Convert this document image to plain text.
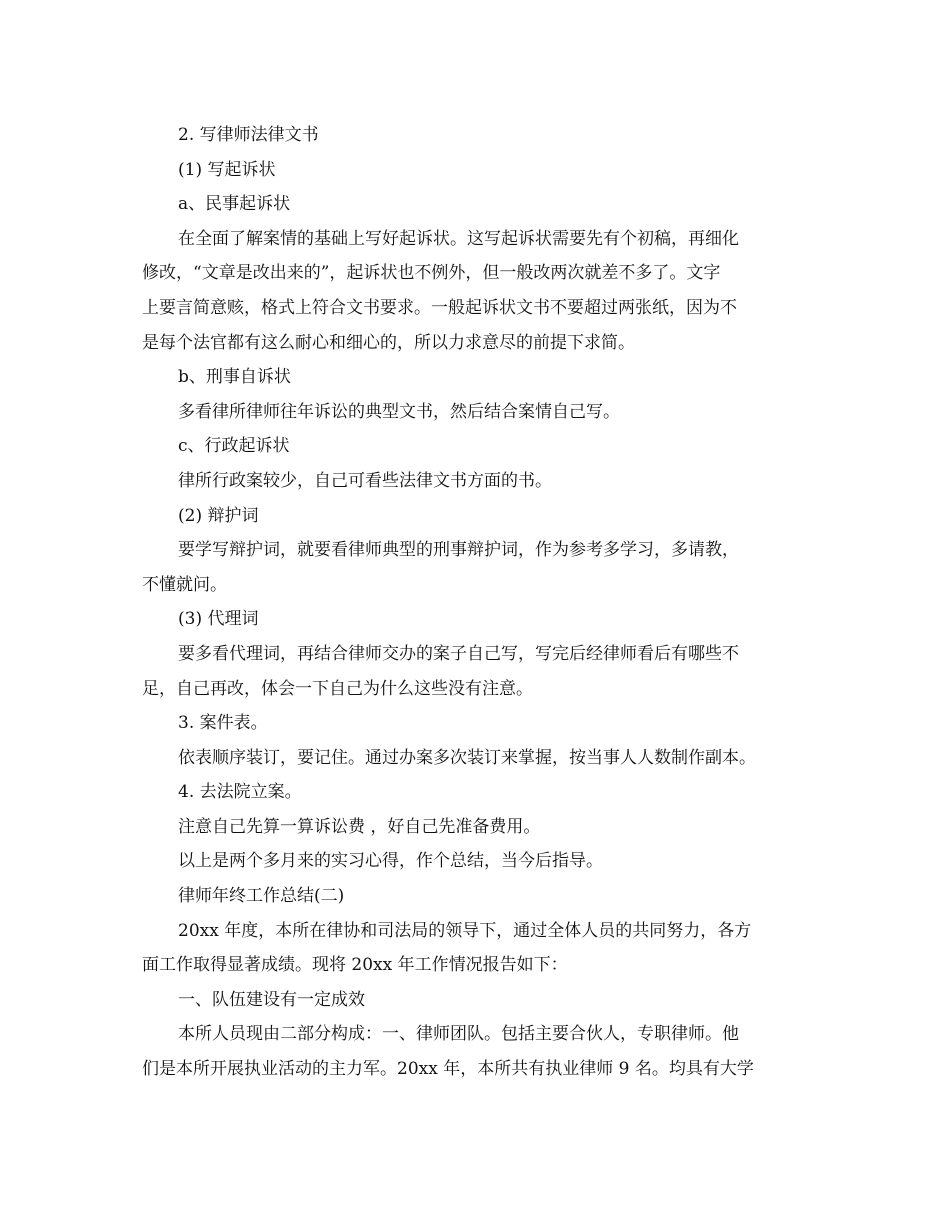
2. 写律师法律文书

(1) 写起诉状

a、民事起诉状

在全面了解案情的基础上写好起诉状。这写起诉状需要先有个初稿，再细化

修改，“文章是改出来的”，起诉状也不例外，但一般改两次就差不多了。文字

上要言简意赅，格式上符合文书要求。一般起诉状文书不要超过两张纸，因为不

是每个法官都有这么耐心和细心的，所以力求意尽的前提下求简。

b、刑事自诉状

多看律所律师往年诉讼的典型文书，然后结合案情自己写。

c、行政起诉状

律所行政案较少，自己可看些法律文书方面的书。

(2) 辩护词

要学写辩护词，就要看律师典型的刑事辩护词，作为参考多学习，多请教，

不懂就问。

(3) 代理词

要多看代理词，再结合律师交办的案子自己写，写完后经律师看后有哪些不

足，自己再改，体会一下自己为什么这些没有注意。

3. 案件表。

依表顺序装订，要记住。通过办案多次装订来掌握，按当事人人数制作副本。

4. 去法院立案。

注意自己先算一算诉讼费 ，好自己先准备费用。

以上是两个多月来的实习心得，作个总结，当今后指导。

律师年终工作总结(二)

20xx 年度，本所在律协和司法局的领导下，通过全体人员的共同努力，各方

面工作取得显著成绩。现将 20xx 年工作情况报告如下：

一、队伍建设有一定成效

本所人员现由二部分构成：一、律师团队。包括主要合伙人，专职律师。他

们是本所开展执业活动的主力军。20xx 年，本所共有执业律师 9 名。均具有大学
